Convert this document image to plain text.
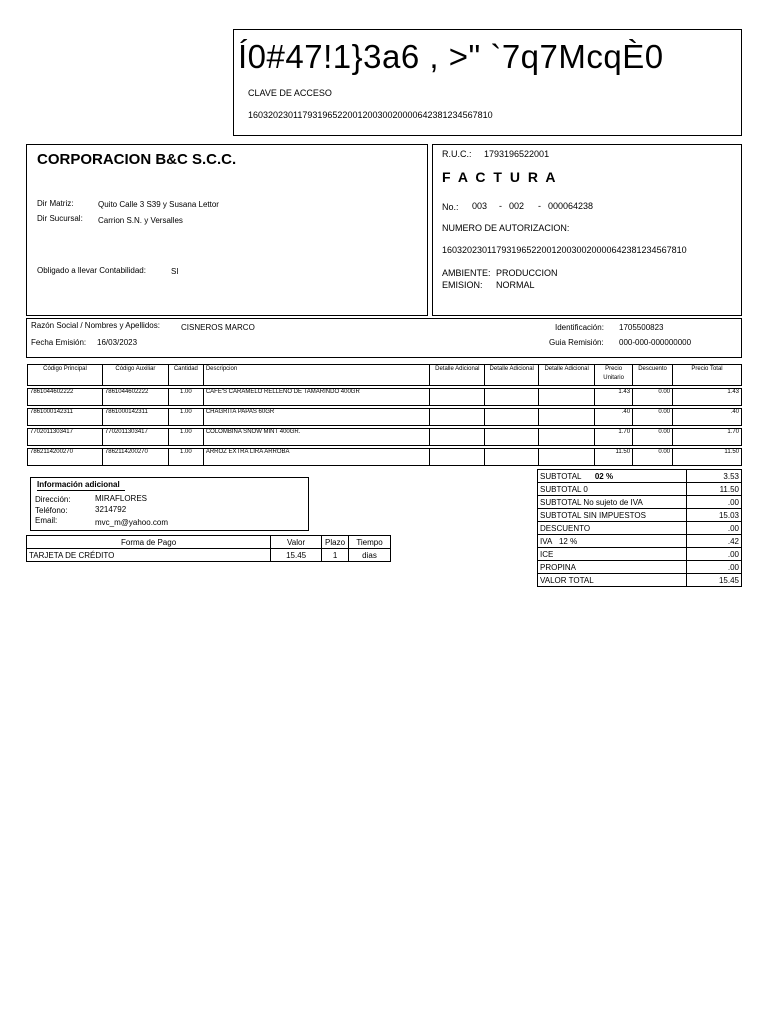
Í0#47!1}3a6 , >" `7q7McqÈ0
CLAVE DE ACCESO
1603202301179319652200120030020000642381234567810
CORPORACION B&C S.C.C.
Dir Matriz:	Quito Calle 3 S39 y Susana Lettor
Dir Sucursal: Carrion S.N. y Versalles
Obligado a llevar Contabilidad:	SI
R.U.C.: 1793196522001
F A C T U R A
No.: 003 - 002 - 000064238
NUMERO DE AUTORIZACION:
1603202301179319652200120030020000642381234567810
AMBIENTE: PRODUCCION
EMISION: NORMAL
Razón Social / Nombres y Apellidos:	CISNEROS MARCO	Identificación: 1705500823
Fecha Emisión: 16/03/2023	Guia Remisión: 000-000-000000000
Código Principal	Código Auxiliar	Cantidad	Descripcion	Detalle Adicional	Detalle Adicional	Detalle Adicional	Precio Unitario	Descuento	Precio Total

7861044602222	7861044602222	1.00	CAFE'S CARAMELO RELLENO DE TAMARINDO 400GR				1.43	0.00	1.43

7861000142311	7861000142311	1.00	CHAGRITA PAPAS 60GR				.40	0.00	.40

7702011303417	7702011303417	1.00	COLOMBINA SNOW MINT 400GR.				1.70	0.00	1.70

7862114200270	7862114200270	1.00	ARROZ EXTRA LIRA ARROBA				11.50	0.00	11.50
Información adicional
Dirección:	MIRAFLORES
Teléfono:	3214792
Email:	mvc_m@yahoo.com
Forma de Pago	Valor	Plazo	Tiempo
TARJETA DE CRÉDITO	15.45	1	dias
SUBTOTAL 02 %	3.53
SUBTOTAL 0	11.50
SUBTOTAL No sujeto de IVA	.00
SUBTOTAL SIN IMPUESTOS	15.03
DESCUENTO	.00
IVA 12 %	.42
ICE	.00
PROPINA	.00
VALOR TOTAL	15.45
